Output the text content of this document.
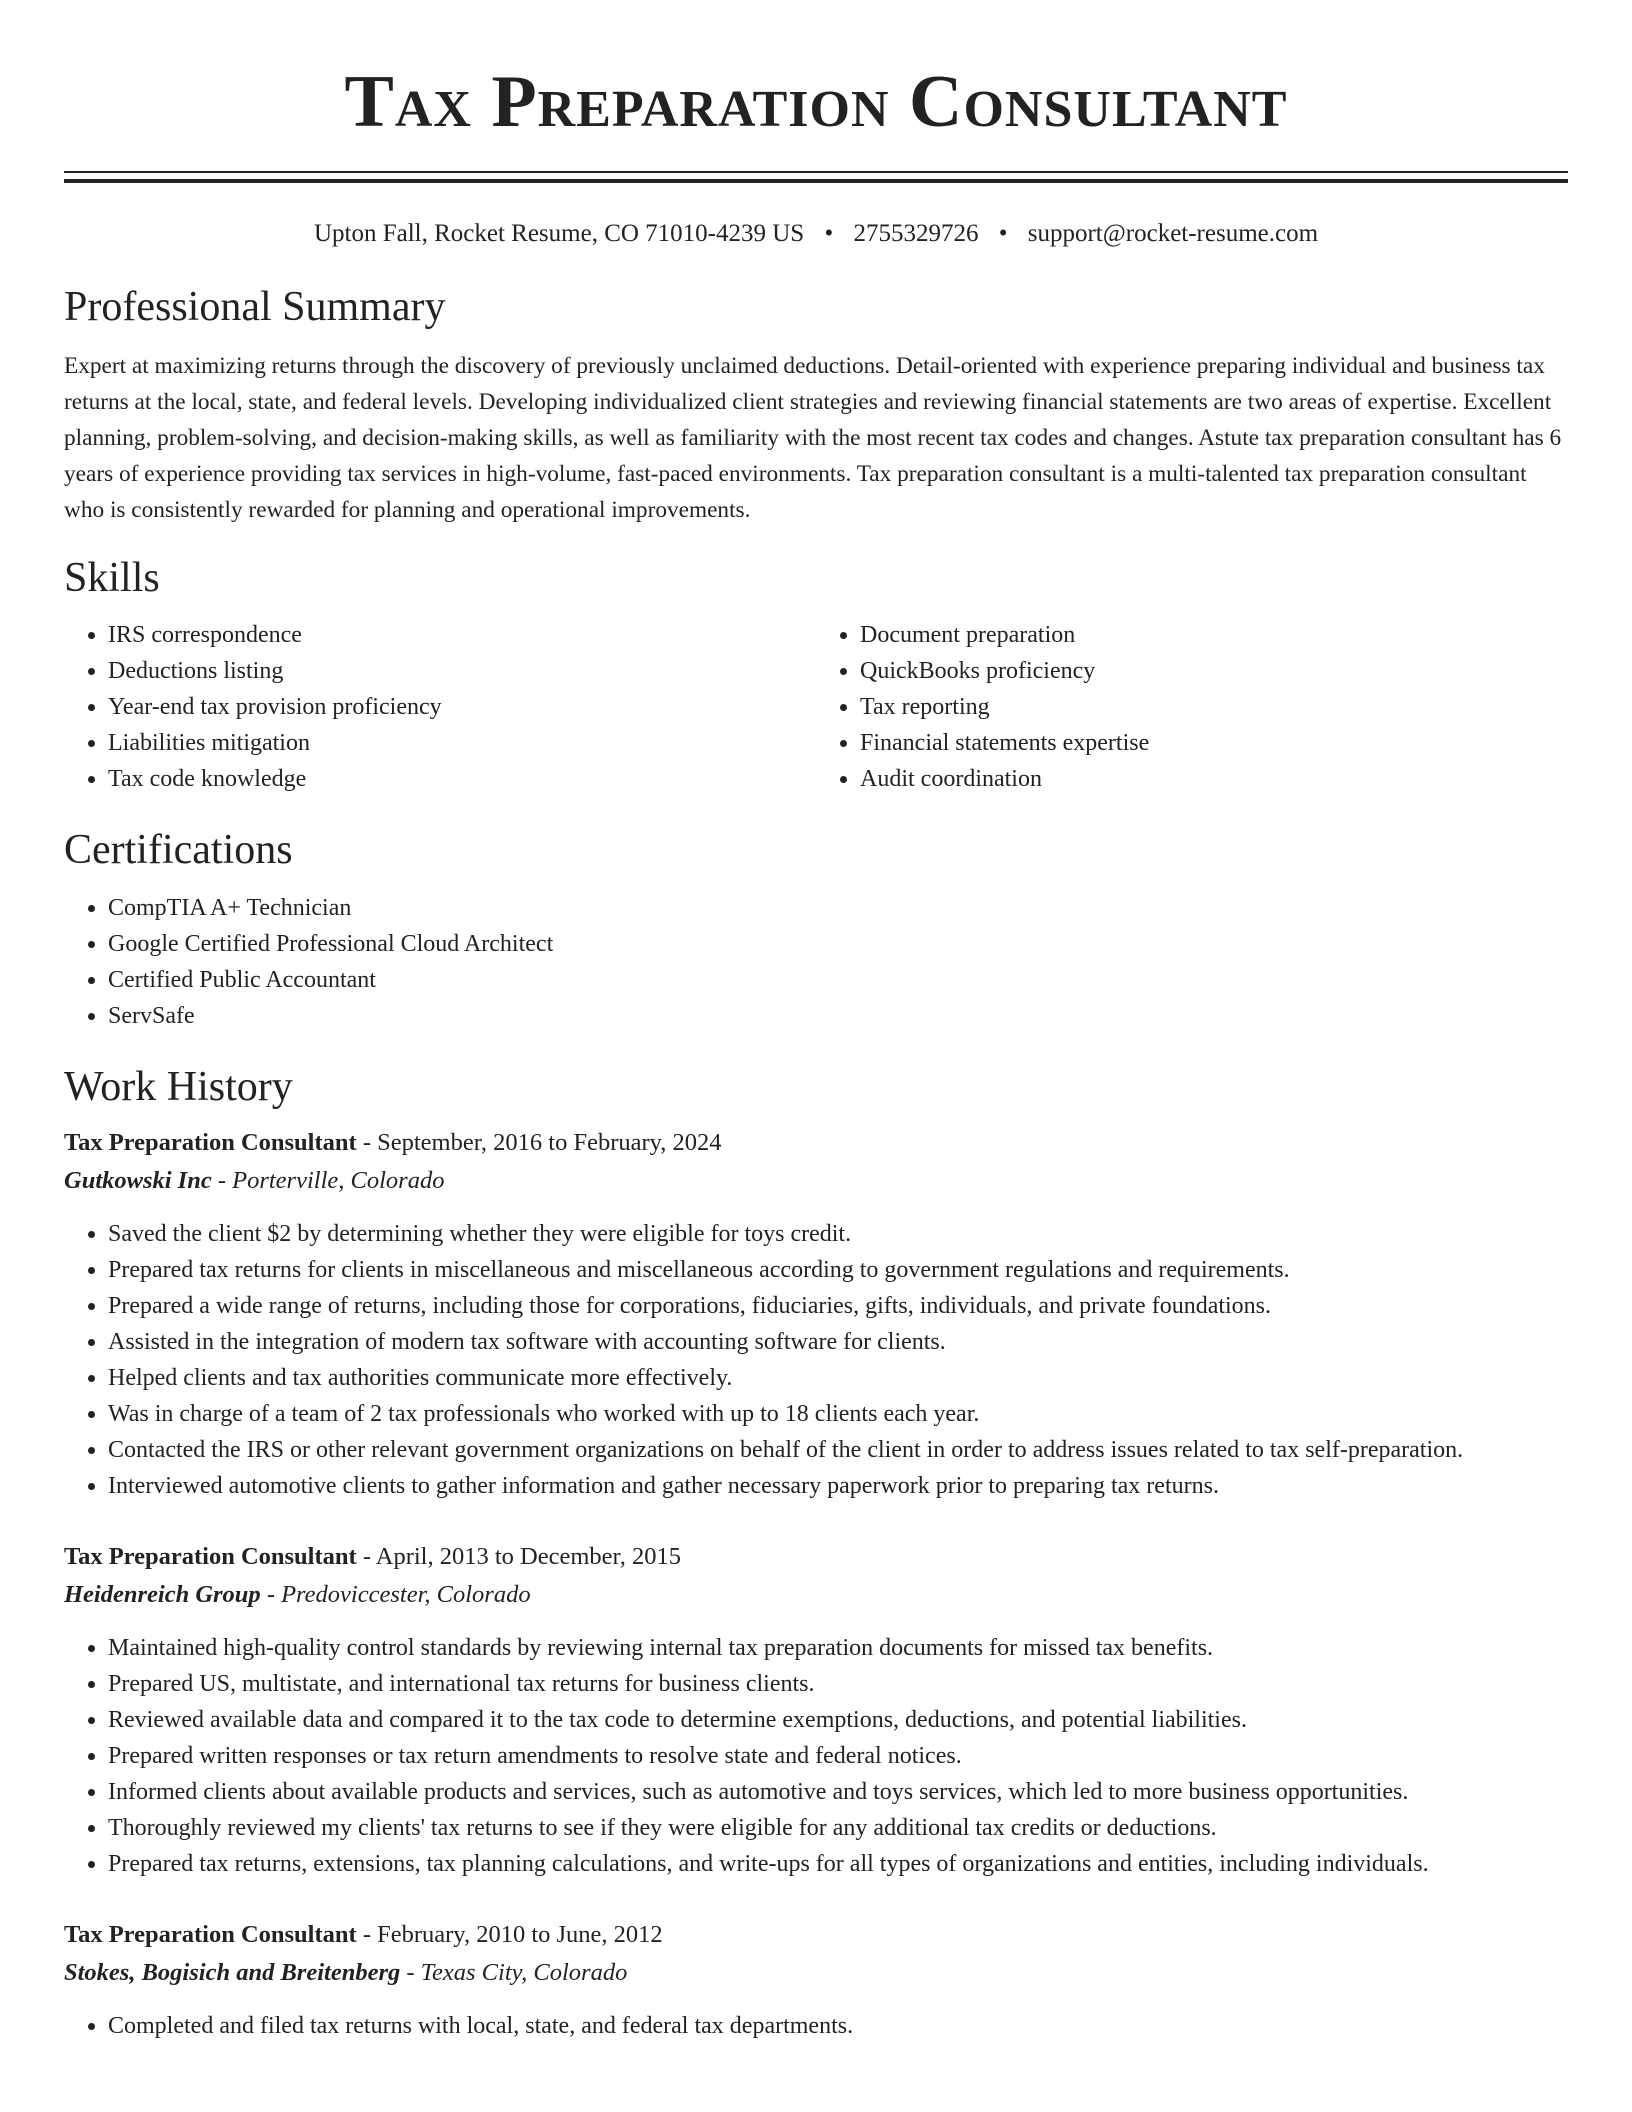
Tax Preparation Consultant
Upton Fall, Rocket Resume, CO 71010-4239 US • 2755329726 • support@rocket-resume.com
Professional Summary

Expert at maximizing returns through the discovery of previously unclaimed deductions. Detail-oriented with experience preparing individual and business tax returns at the local, state, and federal levels. Developing individualized client strategies and reviewing financial statements are two areas of expertise. Excellent planning, problem-solving, and decision-making skills, as well as familiarity with the most recent tax codes and changes. Astute tax preparation consultant has 6 years of experience providing tax services in high-volume, fast-paced environments. Tax preparation consultant is a multi-talented tax preparation consultant who is consistently rewarded for planning and operational improvements.

Skills
• IRS correspondence
• Deductions listing
• Year-end tax provision proficiency
• Liabilities mitigation
• Tax code knowledge
• Document preparation
• QuickBooks proficiency
• Tax reporting
• Financial statements expertise
• Audit coordination
Certifications
• CompTIA A+ Technician
• Google Certified Professional Cloud Architect
• Certified Public Accountant
• ServSafe
Work History
Tax Preparation Consultant - September, 2016 to February, 2024
Gutkowski Inc - Porterville, Colorado
• Saved the client $2 by determining whether they were eligible for toys credit.
• Prepared tax returns for clients in miscellaneous and miscellaneous according to government regulations and requirements.
• Prepared a wide range of returns, including those for corporations, fiduciaries, gifts, individuals, and private foundations.
• Assisted in the integration of modern tax software with accounting software for clients.
• Helped clients and tax authorities communicate more effectively.
• Was in charge of a team of 2 tax professionals who worked with up to 18 clients each year.
• Contacted the IRS or other relevant government organizations on behalf of the client in order to address issues related to tax self-preparation.
• Interviewed automotive clients to gather information and gather necessary paperwork prior to preparing tax returns.
Tax Preparation Consultant - April, 2013 to December, 2015
Heidenreich Group - Predoviccester, Colorado
• Maintained high-quality control standards by reviewing internal tax preparation documents for missed tax benefits.
• Prepared US, multistate, and international tax returns for business clients.
• Reviewed available data and compared it to the tax code to determine exemptions, deductions, and potential liabilities.
• Prepared written responses or tax return amendments to resolve state and federal notices.
• Informed clients about available products and services, such as automotive and toys services, which led to more business opportunities.
• Thoroughly reviewed my clients' tax returns to see if they were eligible for any additional tax credits or deductions.
• Prepared tax returns, extensions, tax planning calculations, and write-ups for all types of organizations and entities, including individuals.
Tax Preparation Consultant - February, 2010 to June, 2012
Stokes, Bogisich and Breitenberg - Texas City, Colorado
• Completed and filed tax returns with local, state, and federal tax departments.
